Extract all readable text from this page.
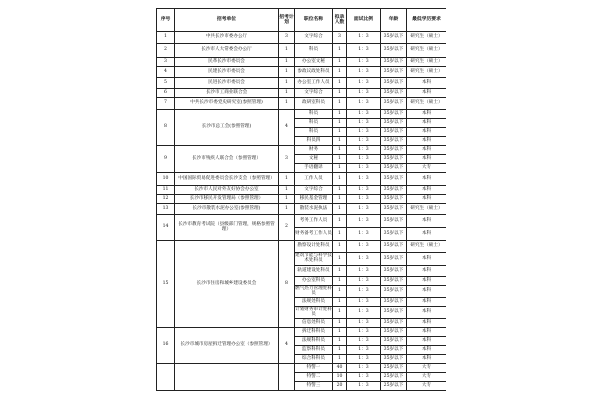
序号	招考单位	招考计划	职位名称	拟录人数	面试比例	年龄	最低学历要求
1	中共长沙市委办公厅	3	文字综合	3	1：3	35岁以下	研究生（硕士）
2	长沙市人大常委会办公厅	1	科员	1	1：3	35岁以下	研究生（硕士）
3	民革长沙市委员会	1	办公室文秘	1	1：3	35岁以下	研究生（硕士）
4	民建长沙市委员会	1	参政议政处科员	1	1：3	35岁以下	研究生（硕士）
5	民进长沙市委员会	1	办公室工作人员	1	1：3	35岁以下	本科
6	长沙市工商业联合会	1	文字综合	1	1：3	35岁以下	本科
7	中共长沙市委党史研究室(参照管理)	1	政研室科员	1	1：3	35岁以下	研究生（硕士）
8	长沙市总工会(参照管理)	4	科员	1	1：3	35岁以下	本科
			科员	1	1：3	35岁以下	本科
			科员	1	1：3	35岁以下	本科
			科员四	1	1：3	35岁以下	本科
9	长沙市残疾人联合会（参照管理）	3	财务	1	1：3	35岁以下	本科
			文秘	1	1：3	35岁以下	本科
			手语翻译	1	1：3	35岁以下	大专
10	中国国际贸易促进委员会长沙支会（参照管理）	1	工作人员	1	1：3	35岁以下	本科
11	长沙市人民对外友好协会办公室	1	文字综合	1	1：3	35岁以下	本科
12	长沙市移民开发管理局（参照管理）	1	移民基金管理	1	1：3	35岁以下	本科
13	长沙市散装水泥办公室(参照管理)	1	散装水泥执法	1	1：3	35岁以下	研究生（硕士）
14	长沙市教育考试院（县级部门管理，规格参照管理）	2	考务工作人员	1	1：3	35岁以下	本科
			财务备考工作人员	1	1：3	35岁以下	本科
15	长沙市住房和城乡建设委员会	8	勘察设计处科员	1	1：3	35岁以下	研究生（硕士）
			建筑节能与科学技术处科员	1	1：3	35岁以下	本科
			轨道建设处科员	1	1：3	35岁以下	本科
			办公室科员	1	1：3	35岁以下	本科
			燃气热力管理处科员	1	1：3	35岁以下	本科
			法规处科员	1	1：3	35岁以下	本科
			计划财务审计处科员	1	1：3	35岁以下	本科
			信息处科员	1	1：3	35岁以下	本科
16	长沙市城市房屋拆迁管理办公室（参照管理）	4	拆迁科科员	1	1：3	35岁以下	本科
			法规科科员	1	1：3	35岁以下	本科
			监察科科员	1	1：3	35岁以下	本科
			综合科科员	1	1：3	35岁以下	本科
			特警一	40	1：3	25岁以下	大专
			特警二	10	1：3	25岁以下	大专
			特警三	20	1：3	25岁以下	大专
